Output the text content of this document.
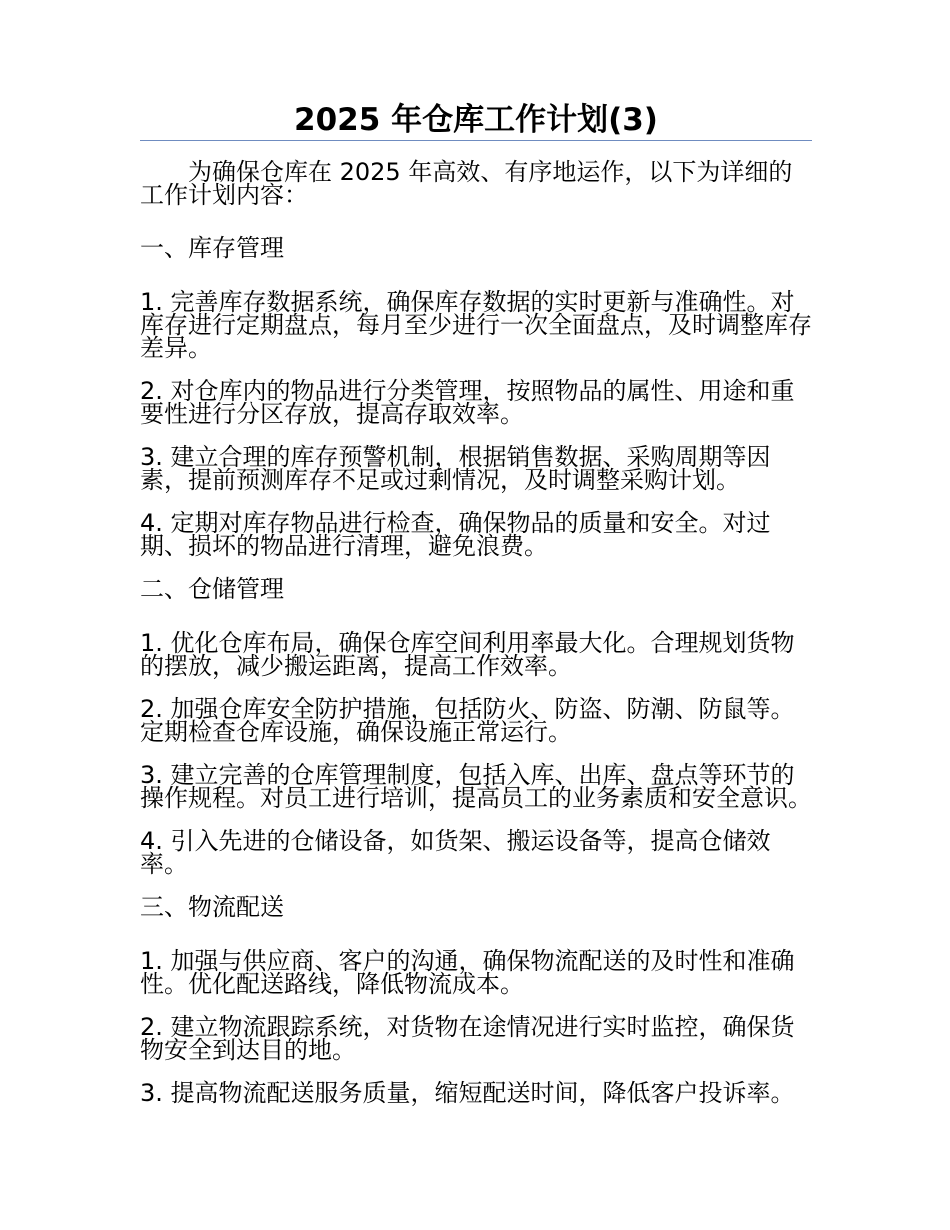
2025 年仓库工作计划(3)

为确保仓库在 2025 年高效、有序地运作，以下为详细的工作计划内容：

一、库存管理

1. 完善库存数据系统，确保库存数据的实时更新与准确性。对库存进行定期盘点，每月至少进行一次全面盘点，及时调整库存差异。

2. 对仓库内的物品进行分类管理，按照物品的属性、用途和重要性进行分区存放，提高存取效率。

3. 建立合理的库存预警机制，根据销售数据、采购周期等因素，提前预测库存不足或过剩情况，及时调整采购计划。

4. 定期对库存物品进行检查，确保物品的质量和安全。对过期、损坏的物品进行清理，避免浪费。

二、仓储管理

1. 优化仓库布局，确保仓库空间利用率最大化。合理规划货物的摆放，减少搬运距离，提高工作效率。

2. 加强仓库安全防护措施，包括防火、防盗、防潮、防鼠等。定期检查仓库设施，确保设施正常运行。

3. 建立完善的仓库管理制度，包括入库、出库、盘点等环节的操作规程。对员工进行培训，提高员工的业务素质和安全意识。

4. 引入先进的仓储设备，如货架、搬运设备等，提高仓储效率。

三、物流配送

1. 加强与供应商、客户的沟通，确保物流配送的及时性和准确性。优化配送路线，降低物流成本。

2. 建立物流跟踪系统，对货物在途情况进行实时监控，确保货物安全到达目的地。

3. 提高物流配送服务质量，缩短配送时间，降低客户投诉率。
